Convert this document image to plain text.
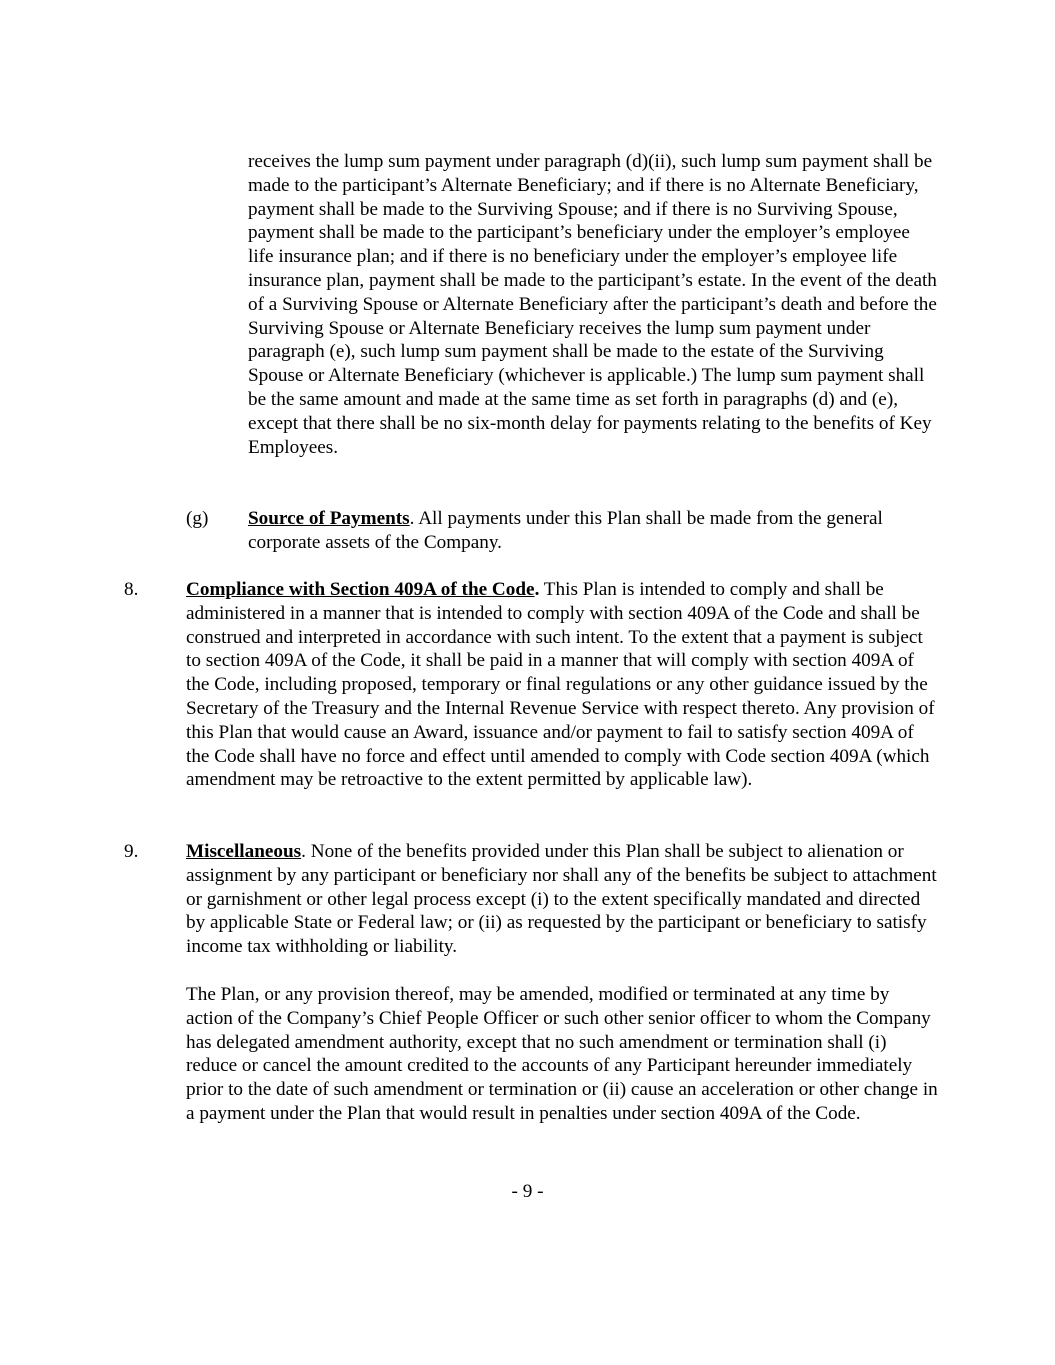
receives the lump sum payment under paragraph (d)(ii), such lump sum payment shall be made to the participant’s Alternate Beneficiary; and if there is no Alternate Beneficiary, payment shall be made to the Surviving Spouse; and if there is no Surviving Spouse, payment shall be made to the participant’s beneficiary under the employer’s employee life insurance plan; and if there is no beneficiary under the employer’s employee life insurance plan, payment shall be made to the participant’s estate. In the event of the death of a Surviving Spouse or Alternate Beneficiary after the participant’s death and before the Surviving Spouse or Alternate Beneficiary receives the lump sum payment under paragraph (e), such lump sum payment shall be made to the estate of the Surviving Spouse or Alternate Beneficiary (whichever is applicable.) The lump sum payment shall be the same amount and made at the same time as set forth in paragraphs (d) and (e), except that there shall be no six-month delay for payments relating to the benefits of Key Employees.

(g) Source of Payments. All payments under this Plan shall be made from the general corporate assets of the Company.

8. Compliance with Section 409A of the Code. This Plan is intended to comply and shall be administered in a manner that is intended to comply with section 409A of the Code and shall be construed and interpreted in accordance with such intent. To the extent that a payment is subject to section 409A of the Code, it shall be paid in a manner that will comply with section 409A of the Code, including proposed, temporary or final regulations or any other guidance issued by the Secretary of the Treasury and the Internal Revenue Service with respect thereto. Any provision of this Plan that would cause an Award, issuance and/or payment to fail to satisfy section 409A of the Code shall have no force and effect until amended to comply with Code section 409A (which amendment may be retroactive to the extent permitted by applicable law).

9. Miscellaneous. None of the benefits provided under this Plan shall be subject to alienation or assignment by any participant or beneficiary nor shall any of the benefits be subject to attachment or garnishment or other legal process except (i) to the extent specifically mandated and directed by applicable State or Federal law; or (ii) as requested by the participant or beneficiary to satisfy income tax withholding or liability.

The Plan, or any provision thereof, may be amended, modified or terminated at any time by action of the Company’s Chief People Officer or such other senior officer to whom the Company has delegated amendment authority, except that no such amendment or termination shall (i) reduce or cancel the amount credited to the accounts of any Participant hereunder immediately prior to the date of such amendment or termination or (ii) cause an acceleration or other change in a payment under the Plan that would result in penalties under section 409A of the Code.

- 9 -
